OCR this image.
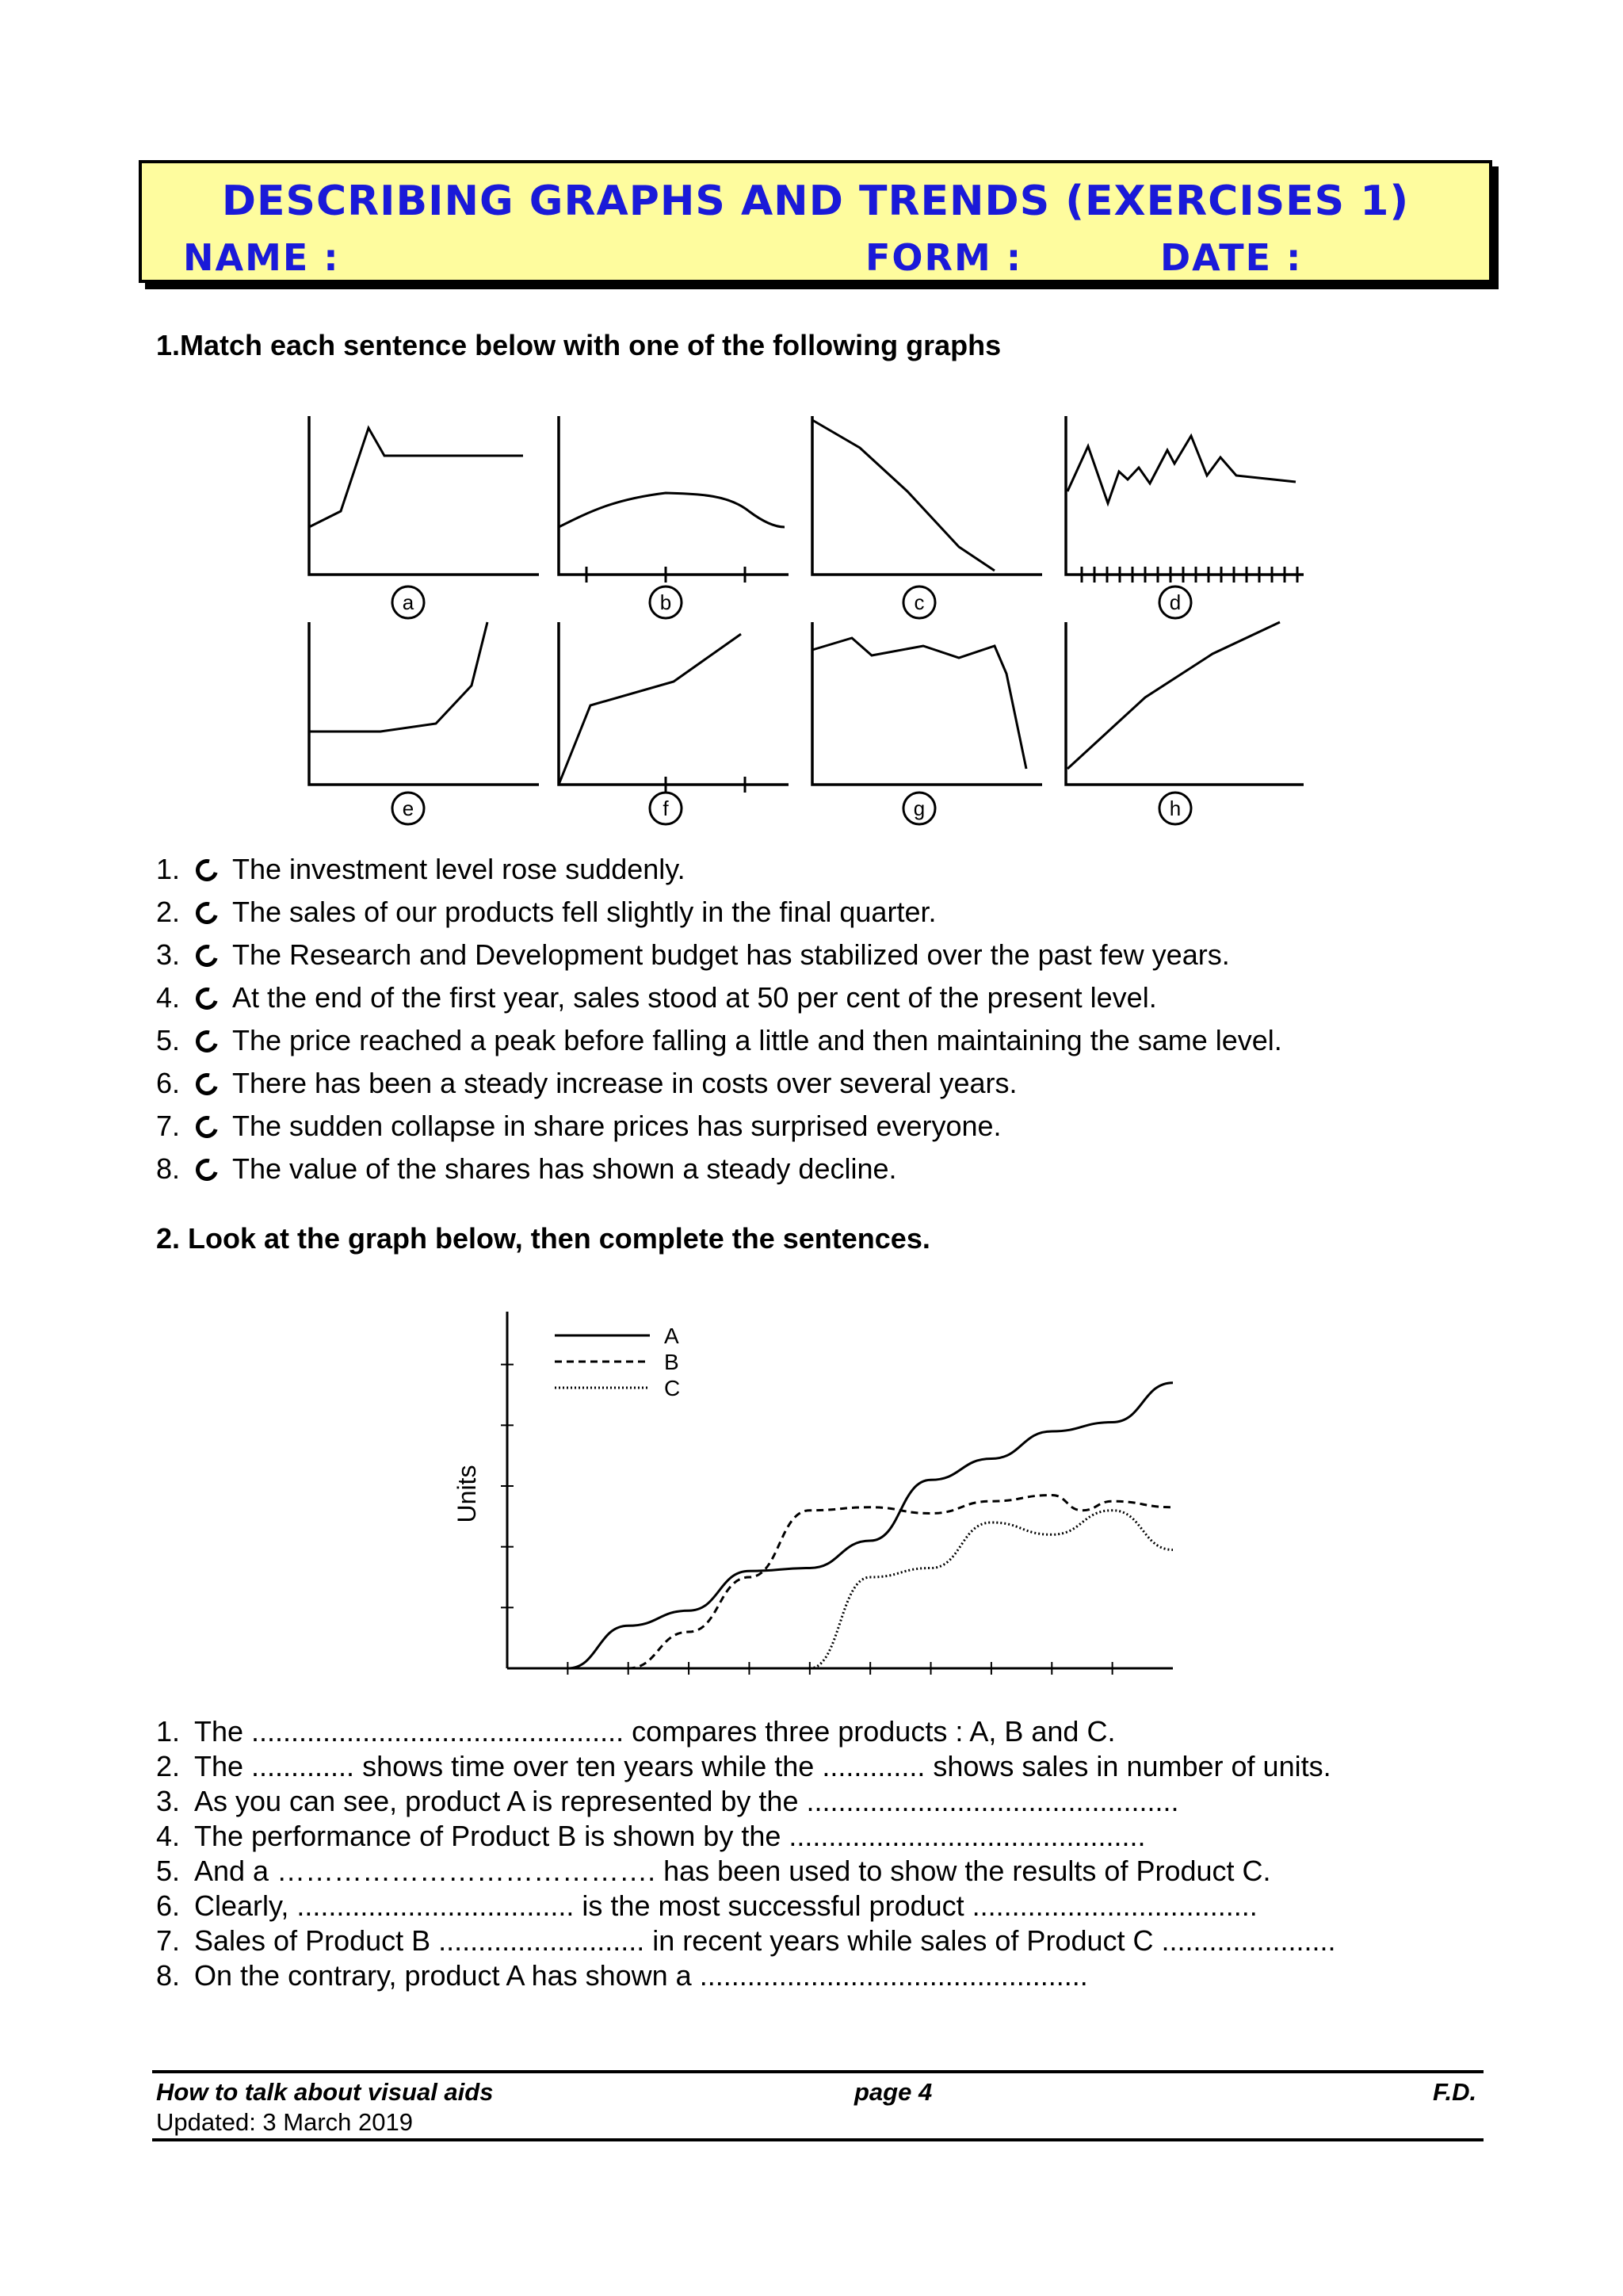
DESCRIBING GRAPHS AND TRENDS (EXERCISES 1)
NAME :	FORM :	DATE :
1.Match each sentence below with one of the following graphs
a	b	c	d
e	f	g	h
1. The investment level rose suddenly.
2. The sales of our products fell slightly in the final quarter.
3. The Research and Development budget has stabilized over the past few years.
4. At the end of the first year, sales stood at 50 per cent of the present level.
5. The price reached a peak before falling a little and then maintaining the same level.
6. There has been a steady increase in costs over several years.
7. The sudden collapse in share prices has surprised everyone.
8. The value of the shares has shown a steady decline.
2. Look at the graph below, then complete the sentences.
A
B
C
Units
1. The ............................................... compares three products : A, B and C.
2. The ............. shows time over ten years while the ............. shows sales in number of units.
3. As you can see, product A is represented by the ...............................................
4. The performance of Product B is shown by the .............................................
5. And a …………………………………. has been used to show the results of Product C.
6. Clearly, ................................... is the most successful product ....................................
7. Sales of Product B .......................... in recent years while sales of Product C ......................
8. On the contrary, product A has shown a .................................................
How to talk about visual aids	page 4	F.D.
Updated: 3 March 2019
